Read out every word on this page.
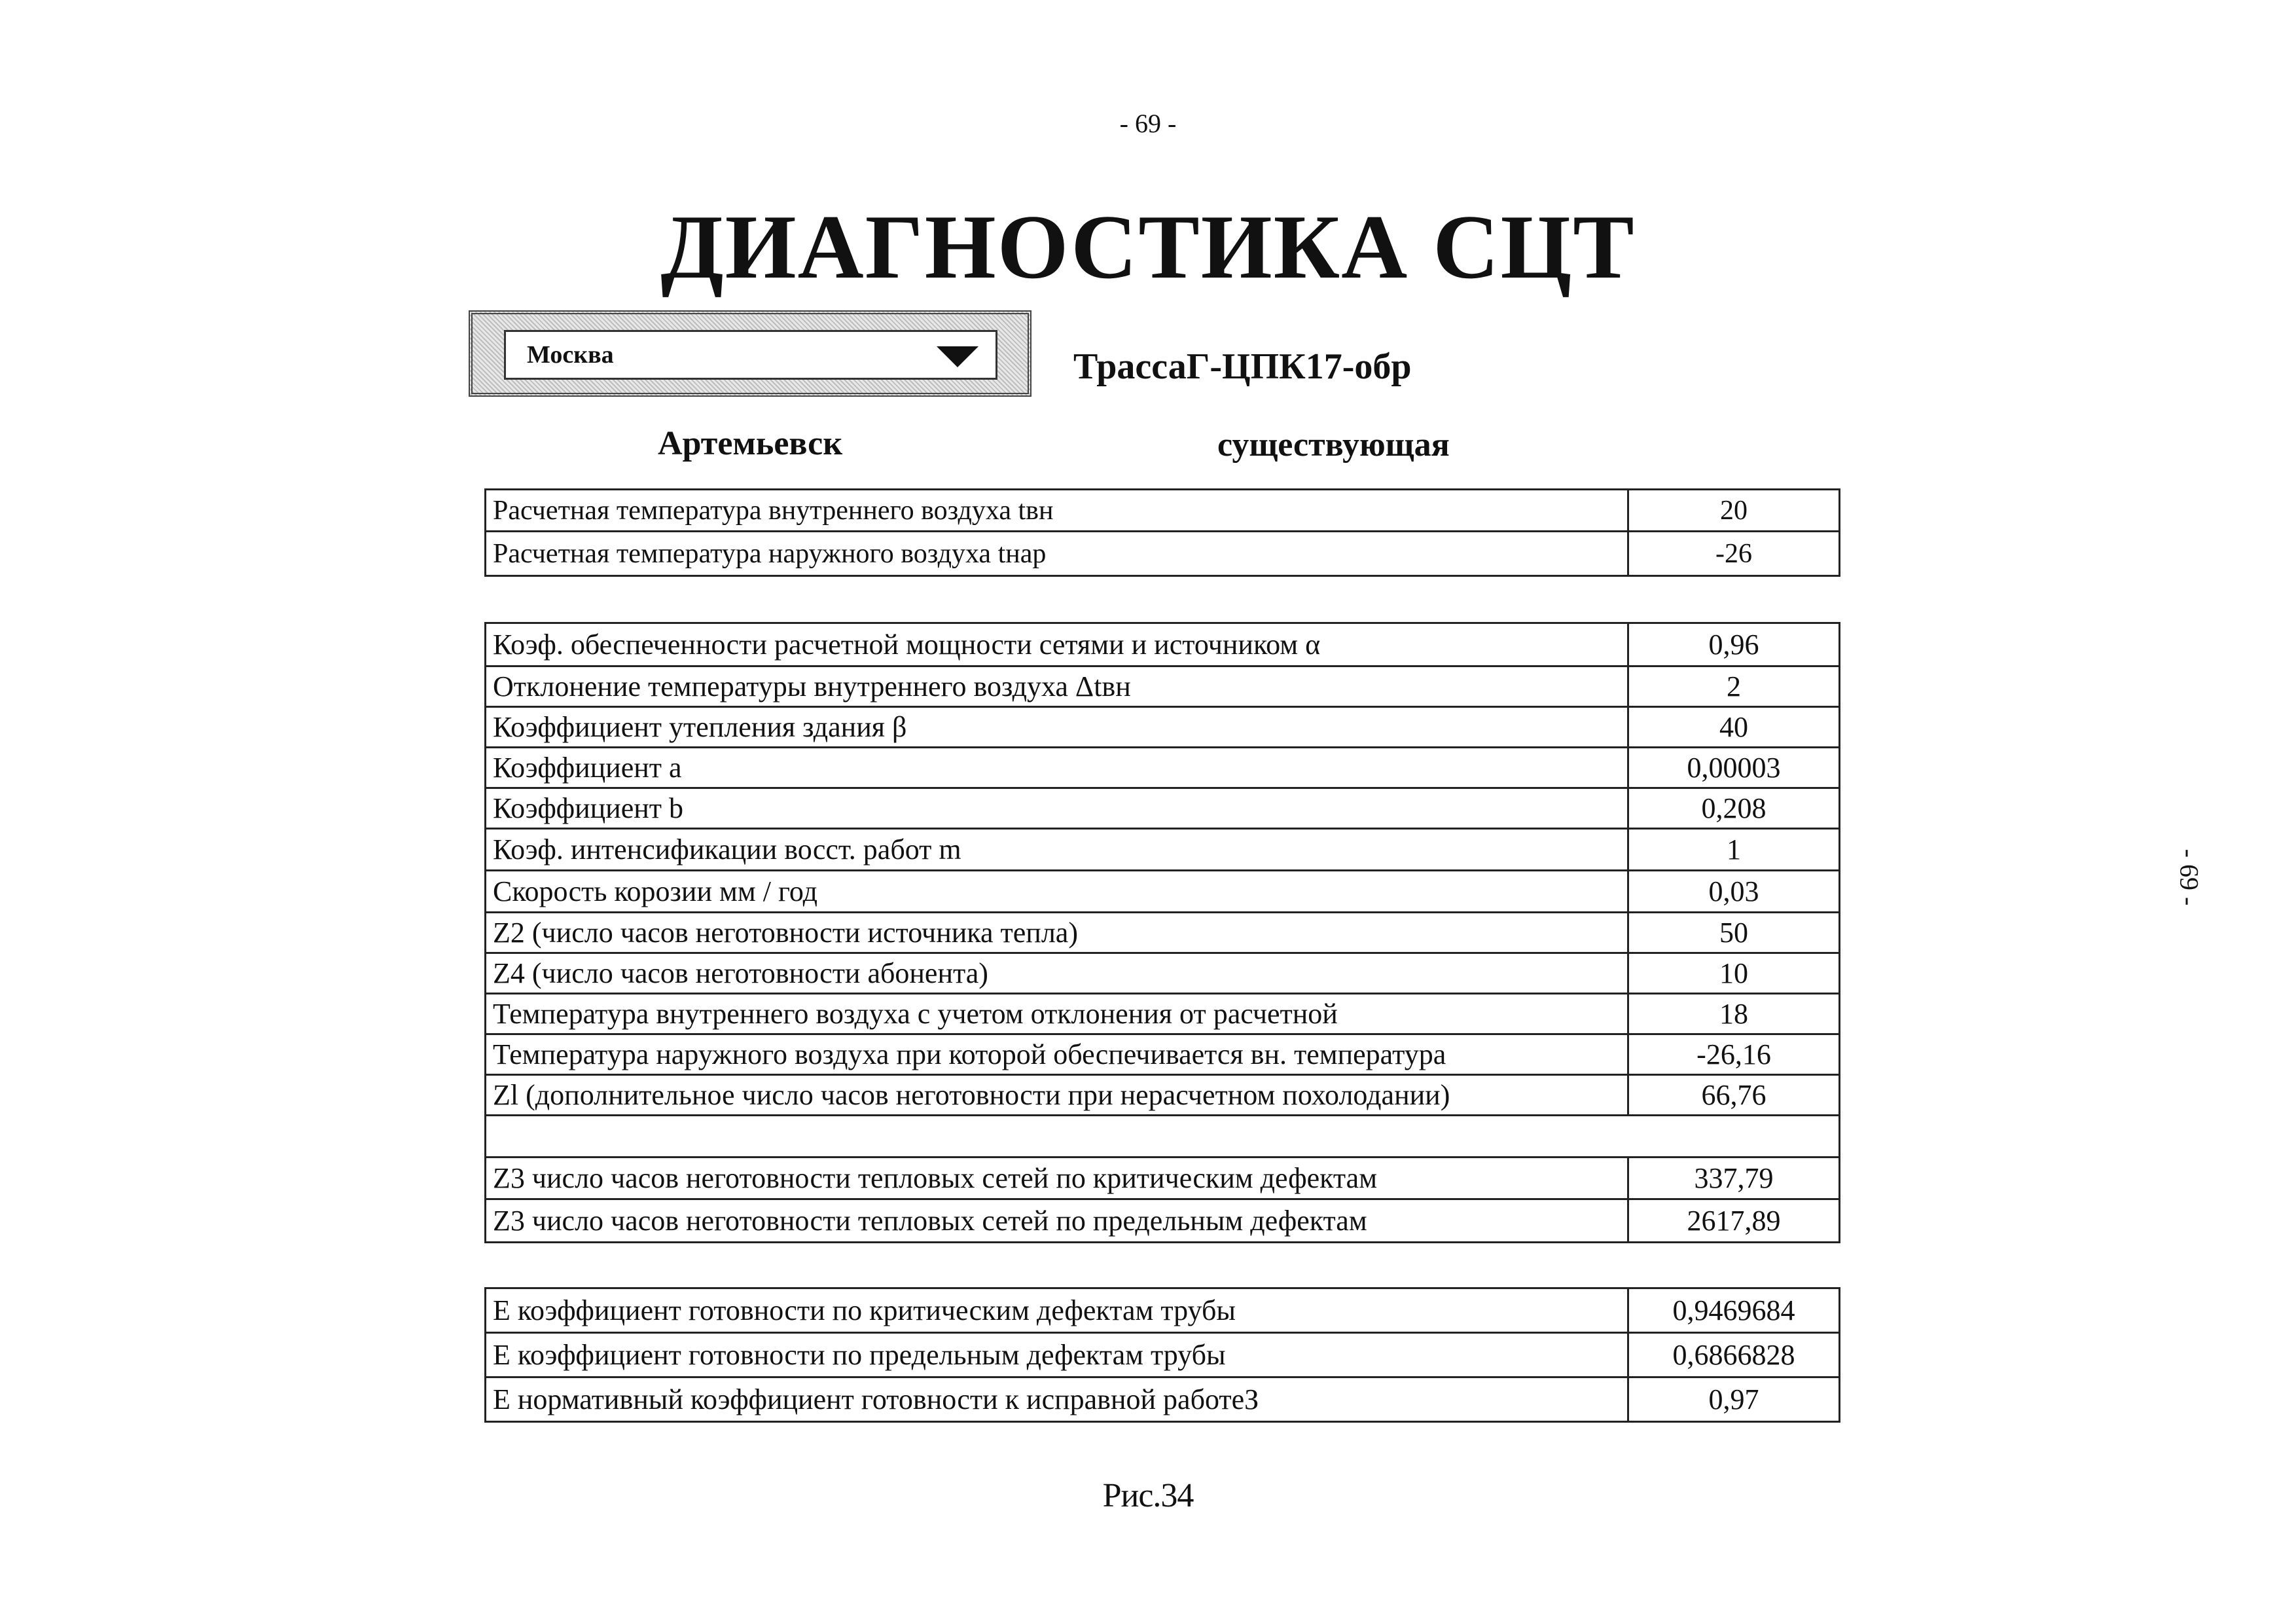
- 69 -
- 69 -
ДИАГНОСТИКА СЦТ
Москва	ТрассаГ-ЦПК17-обр
Артемьевск	существующая
Расчетная температура внутреннего воздуха tвн	20
Расчетная температура наружного воздуха tнар	-26
Коэф. обеспеченности расчетной мощности сетями и источником α	0,96
Отклонение температуры внутреннего воздуха Δtвн	2
Коэффициент утепления здания β	40
Коэффициент a	0,00003
Коэффициент b	0,208
Коэф. интенсификации восст. работ m	1
Скорость корозии мм / год	0,03
Z2 (число часов неготовности источника тепла)	50
Z4 (число часов неготовности абонента)	10
Температура внутреннего воздуха с учетом отклонения от расчетной	18
Температура наружного воздуха при которой обеспечивается вн. температура	-26,16
Zl (дополнительное число часов неготовности при нерасчетном похолодании)	66,76

Z3 число часов неготовности тепловых сетей по критическим дефектам	337,79
Z3 число часов неготовности тепловых сетей по предельным дефектам	2617,89
E коэффициент готовности по критическим дефектам трубы	0,9469684
E коэффициент готовности по предельным дефектам трубы	0,6866828
E нормативный коэффициент готовности к исправной работеЗ	0,97
Рис.34
